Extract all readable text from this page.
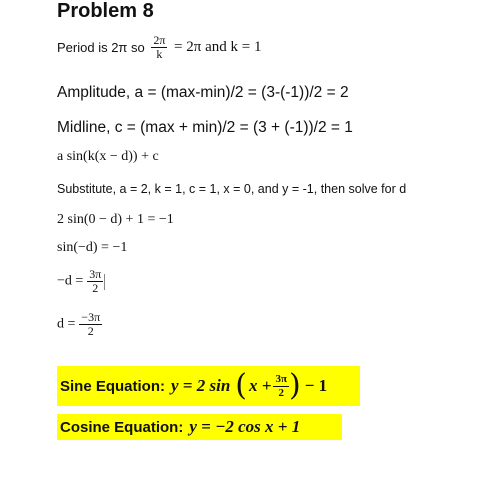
Problem 8
Period is 2π so $\frac{2\pi}{k} = 2\pi$ and k = 1
Amplitude, a = (max-min)/2 = (3-(-1))/2 = 2
Midline, c = (max + min)/2 = (3 + (-1))/2 = 1
a sin(k(x − d)) + c
Substitute, a = 2, k = 1, c = 1, x = 0, and y = -1, then solve for d
2 sin(0 − d) + 1 = −1
sin(−d) = −1
$-d = \frac{3\pi}{2}$
$d = \frac{-3\pi}{2}$
Sine Equation: y = 2 sin ( $x + \frac{3\pi}{2}$ ) − 1
Cosine Equation: y = −2 cos x + 1
